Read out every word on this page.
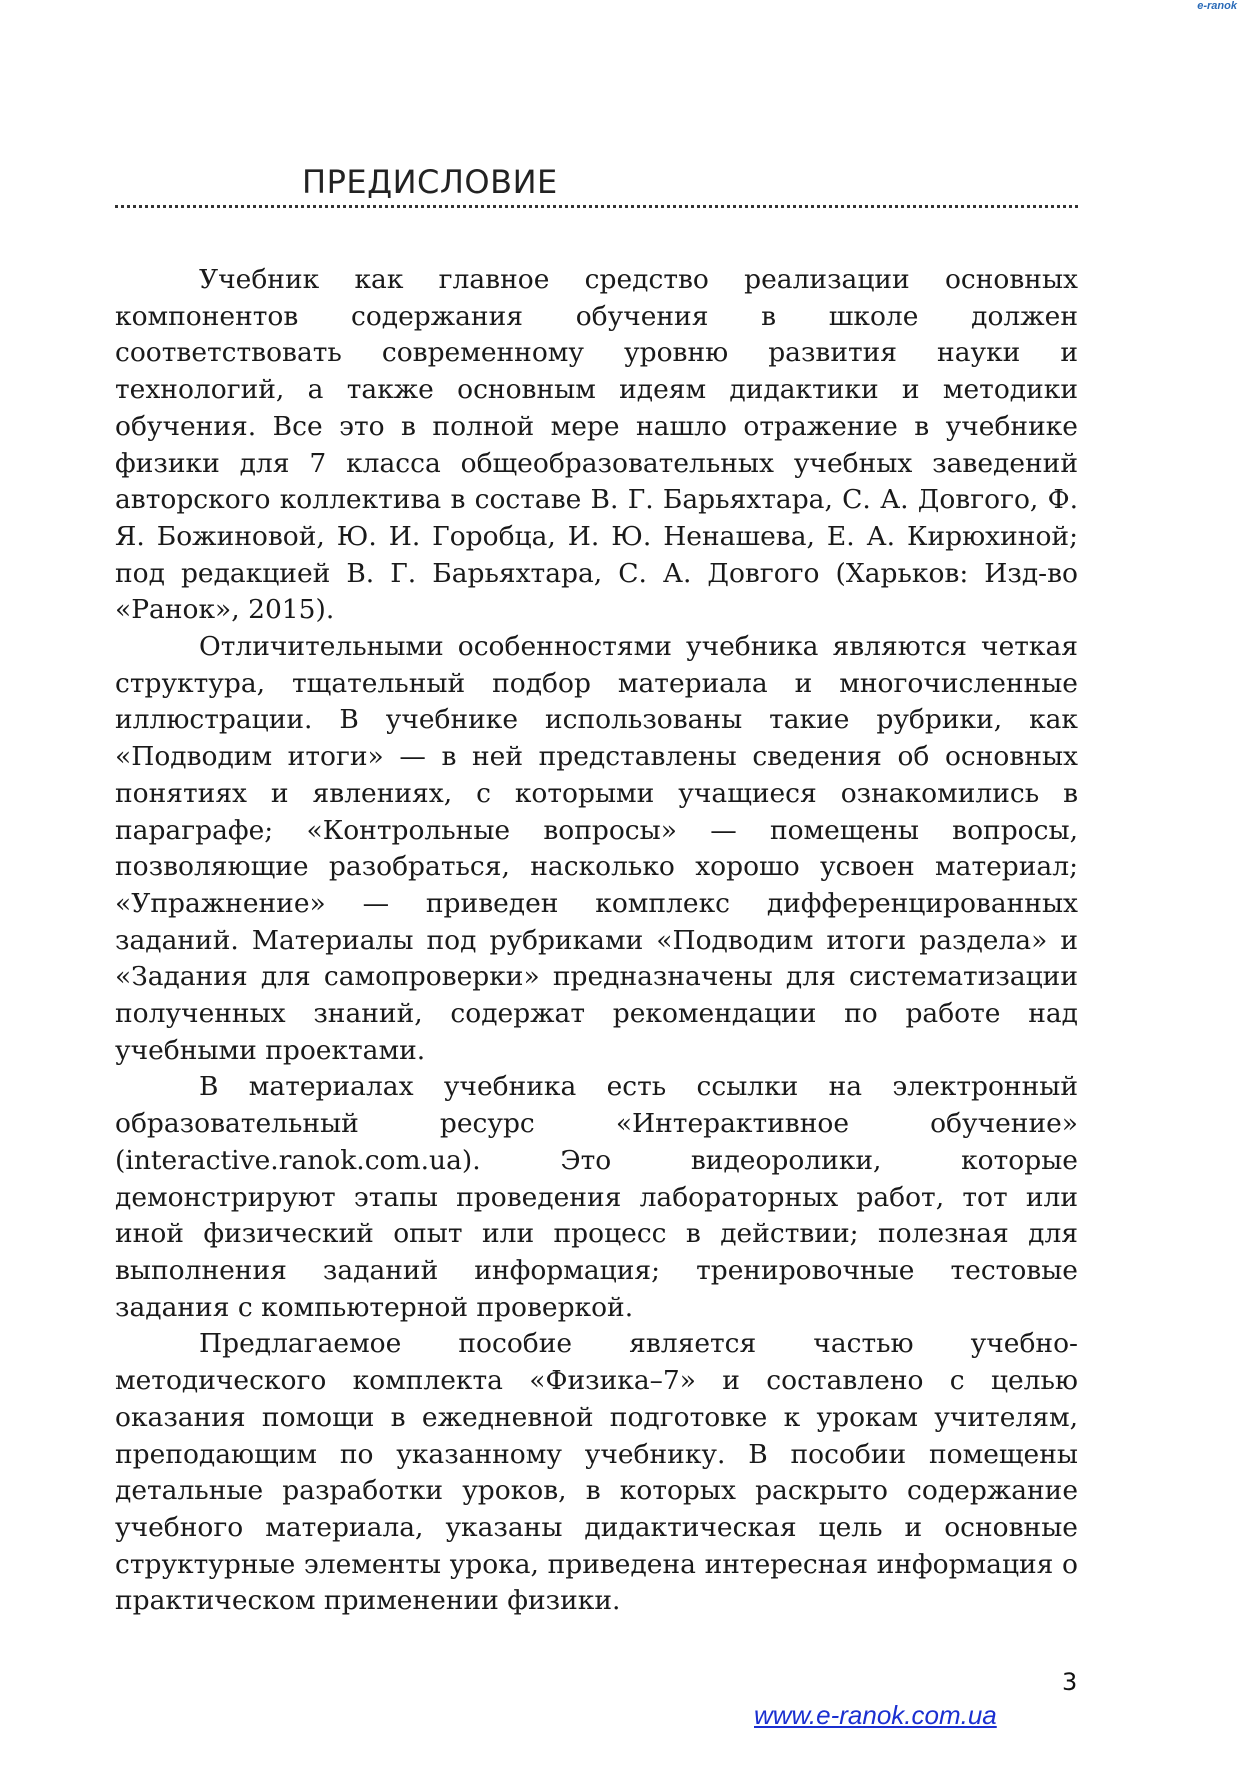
e-ranok
ПРЕДИСЛОВИЕ

Учебник как главное средство реализации основных компонентов содержания обучения в школе должен соответствовать современному уровню развития науки и технологий, а также основным идеям дидактики и методики обучения. Все это в полной мере нашло отражение в учебнике физики для 7 класса общеобразовательных учебных заведений авторского коллектива в составе В. Г. Барьяхтара, С. А. Довгого, Ф. Я. Божиновой, Ю. И. Горобца, И. Ю. Ненашева, Е. А. Кирюхиной; под редакцией В. Г. Барьяхтара, С. А. Довгого (Харьков: Изд-во «Ранок», 2015).

Отличительными особенностями учебника являются четкая структура, тщательный подбор материала и многочисленные иллюстрации. В учебнике использованы такие рубрики, как «Подводим итоги» — в ней представлены сведения об основных понятиях и явлениях, с которыми учащиеся ознакомились в параграфе; «Контрольные вопросы» — помещены вопросы, позволяющие разобраться, насколько хорошо усвоен материал; «Упражнение» — приведен комплекс дифференцированных заданий. Материалы под рубриками «Подводим итоги раздела» и «Задания для самопроверки» предназначены для систематизации полученных знаний, содержат рекомендации по работе над учебными проектами.

В материалах учебника есть ссылки на электронный образовательный ресурс «Интерактивное обучение» (interactive.ranok.com.ua). Это видеоролики, которые демонстрируют этапы проведения лабораторных работ, тот или иной физический опыт или процесс в действии; полезная для выполнения заданий информация; тренировочные тестовые задания с компьютерной проверкой.

Предлагаемое пособие является частью учебно-методического комплекта «Физика–7» и составлено с целью оказания помощи в ежедневной подготовке к урокам учителям, преподающим по указанному учебнику. В пособии помещены детальные разработки уроков, в которых раскрыто содержание учебного материала, указаны дидактическая цель и основные структурные элементы урока, приведена интересная информация о практическом применении физики.

3
www.e-ranok.com.ua
